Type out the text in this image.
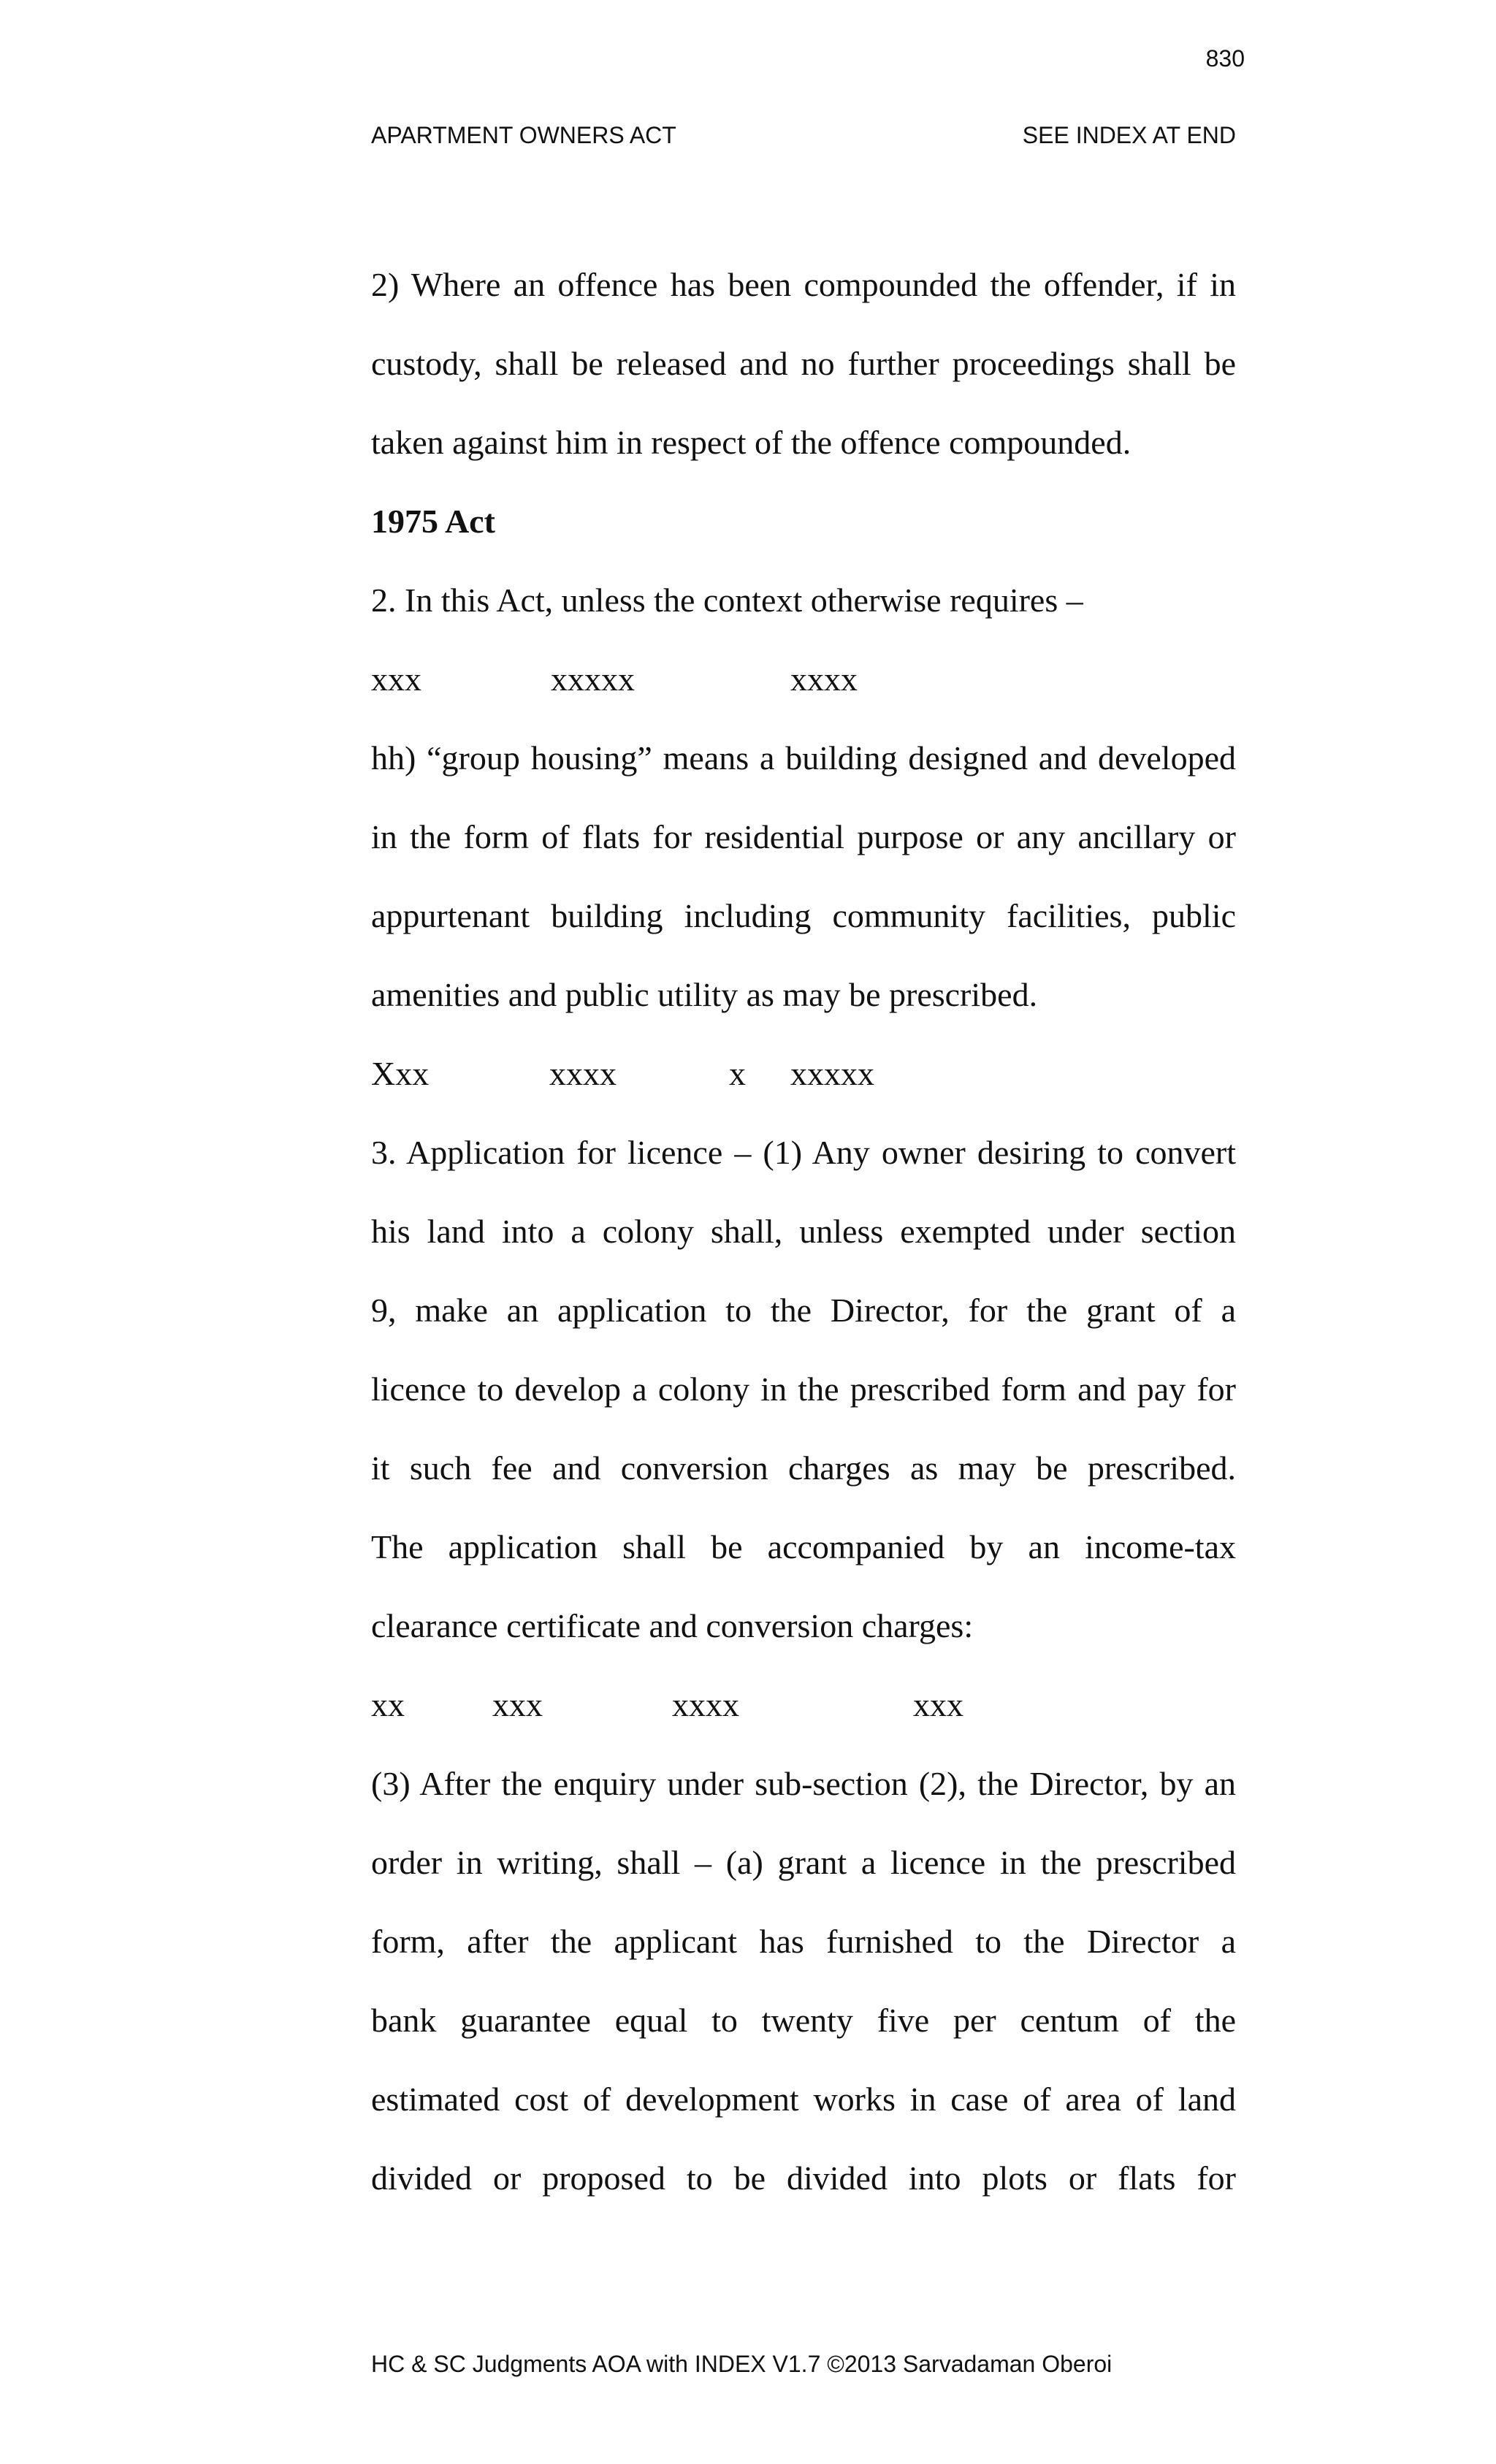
830
APARTMENT OWNERS ACT	SEE INDEX AT END
2) Where an offence has been compounded the offender, if in
custody, shall be released and no further proceedings shall be
taken against him in respect of the offence compounded.
1975 Act
2. In this Act, unless the context otherwise requires –
xxx	xxxxx	xxxx
hh) “group housing” means a building designed and developed
in the form of flats for residential purpose or any ancillary or
appurtenant building including community facilities, public
amenities and public utility as may be prescribed.
Xxx	xxxx	x	xxxxx
3. Application for licence – (1) Any owner desiring to convert
his land into a colony shall, unless exempted under section
9, make an application to the Director, for the grant of a
licence to develop a colony in the prescribed form and pay for
it such fee and conversion charges as may be prescribed.
The application shall be accompanied by an income-tax
clearance certificate and conversion charges:
xx	xxx	xxxx	xxx
(3) After the enquiry under sub-section (2), the Director, by an
order in writing, shall – (a) grant a licence in the prescribed
form, after the applicant has furnished to the Director a
bank guarantee equal to twenty five per centum of the
estimated cost of development works in case of area of land
divided or proposed to be divided into plots or flats for
HC & SC Judgments AOA with INDEX V1.7 ©2013 Sarvadaman Oberoi
